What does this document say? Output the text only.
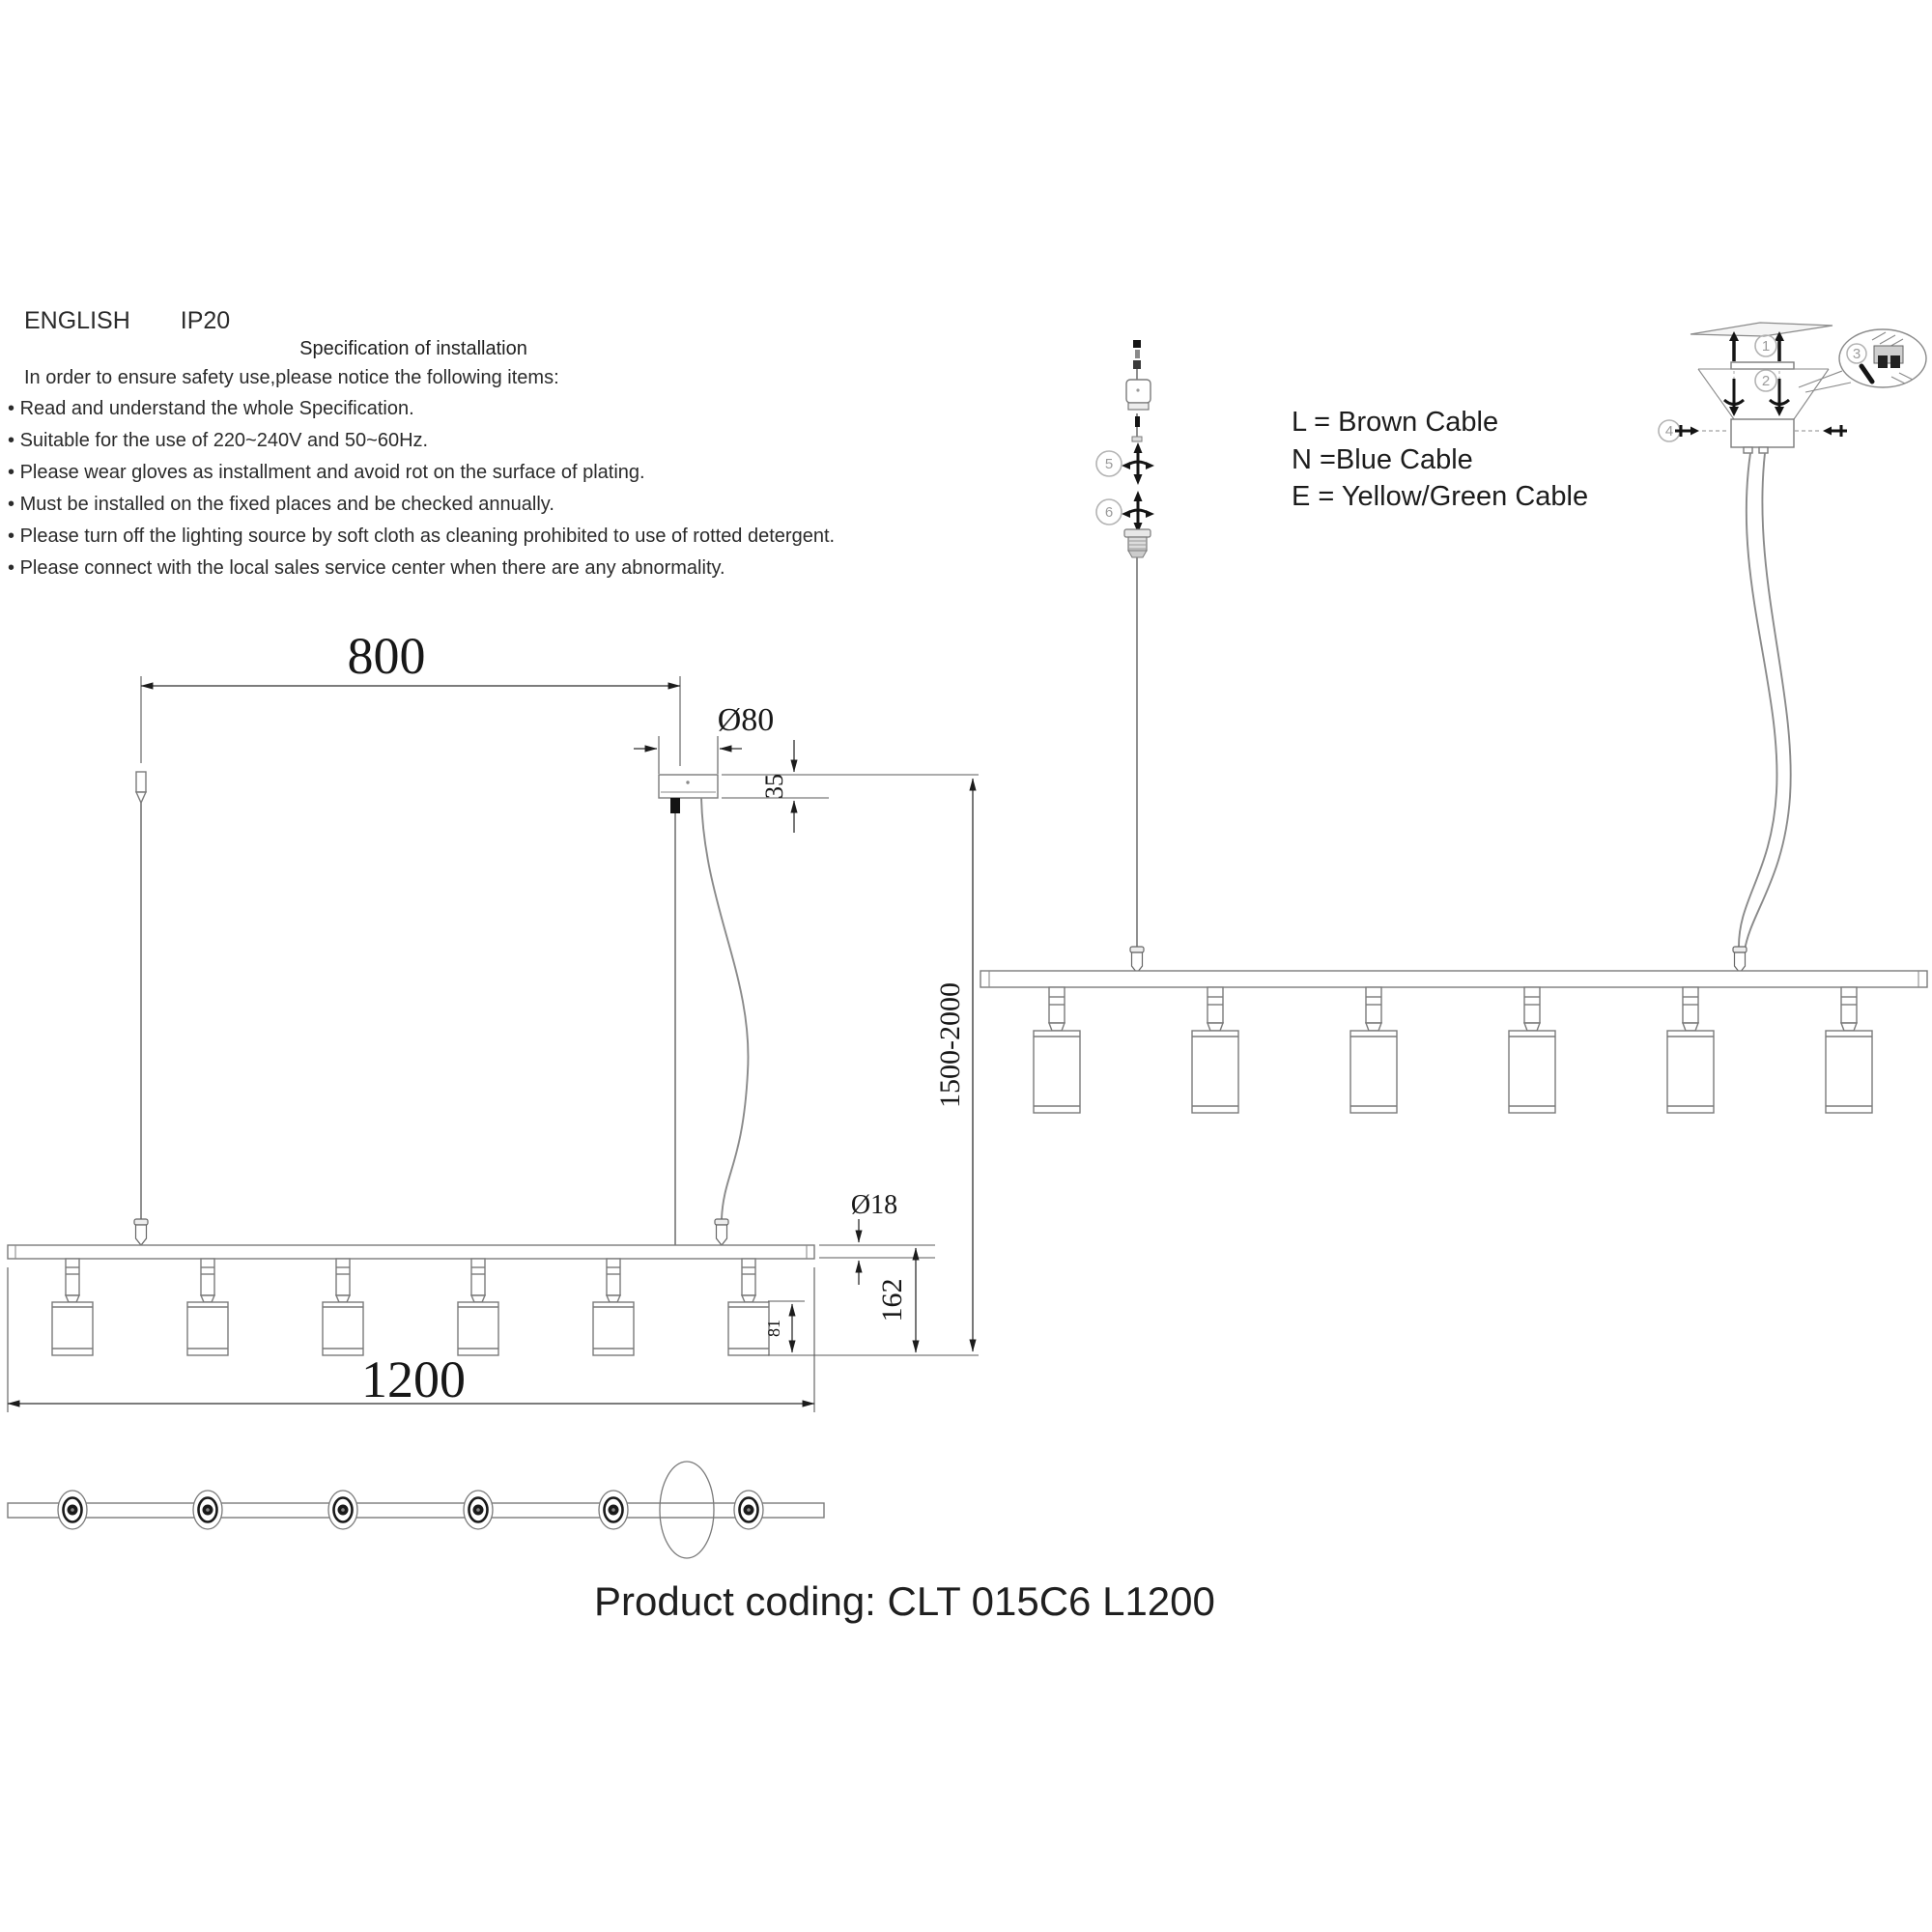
ENGLISH IP20
Specification of installation
In order to ensure safety use,please notice the following items:
• Read and understand the whole Specification.
• Suitable for the use of 220~240V and 50~60Hz.
• Please wear gloves as installment and avoid rot on the surface of plating.
• Must be installed on the fixed places and be checked annually.
• Please turn off the lighting source by soft cloth as cleaning prohibited to use of rotted detergent.
• Please connect with the local sales service center when there are any abnormality.
L = Brown Cable
N =Blue Cable
E = Yellow/Green Cable
Product coding: CLT 015C6 L1200
800
Ø80
35
1500-2000
Ø18
162
81
1200
5
6
1
2
4
3
